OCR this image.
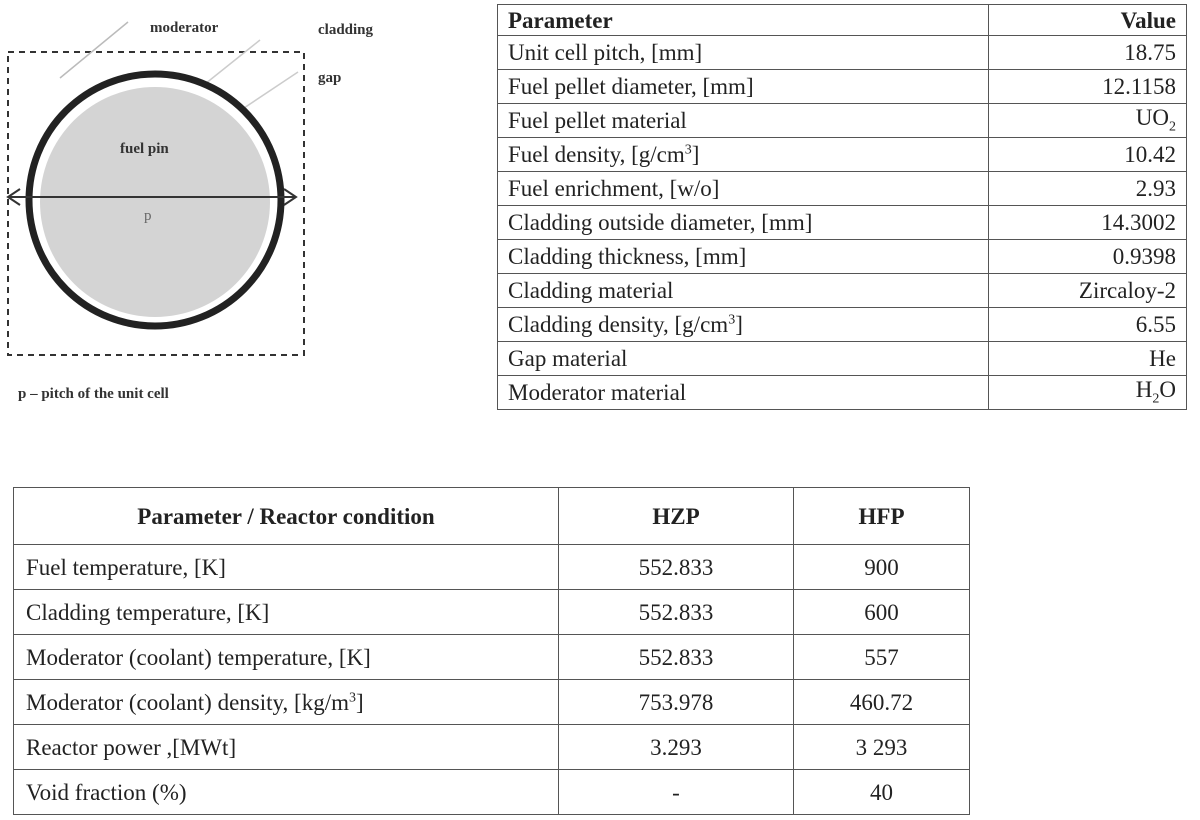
moderator	cladding
gap
fuel pin
p
p – pitch of the unit cell
Parameter	Value
Unit cell pitch, [mm]	18.75
Fuel pellet diameter, [mm]	12.1158
Fuel pellet material	$UO_2$
Fuel density, $[g/cm^3]$	10.42
Fuel enrichment, [w/o]	2.93
Cladding outside diameter, [mm]	14.3002
Cladding thickness, [mm]	0.9398
Cladding material	Zircaloy-2
Cladding density, $[g/cm^3]$	6.55
Gap material	He
Moderator material	$H_2O$
Parameter / Reactor condition	HZP	HFP
Fuel temperature, [K]	552.833	900
Cladding temperature, [K]	552.833	600
Moderator (coolant) temperature, [K]	552.833	557
Moderator (coolant) density, $[kg/m^3]$	753.978	460.72
Reactor power ,[MWt]	3.293	3 293
Void fraction (%)	-	40
